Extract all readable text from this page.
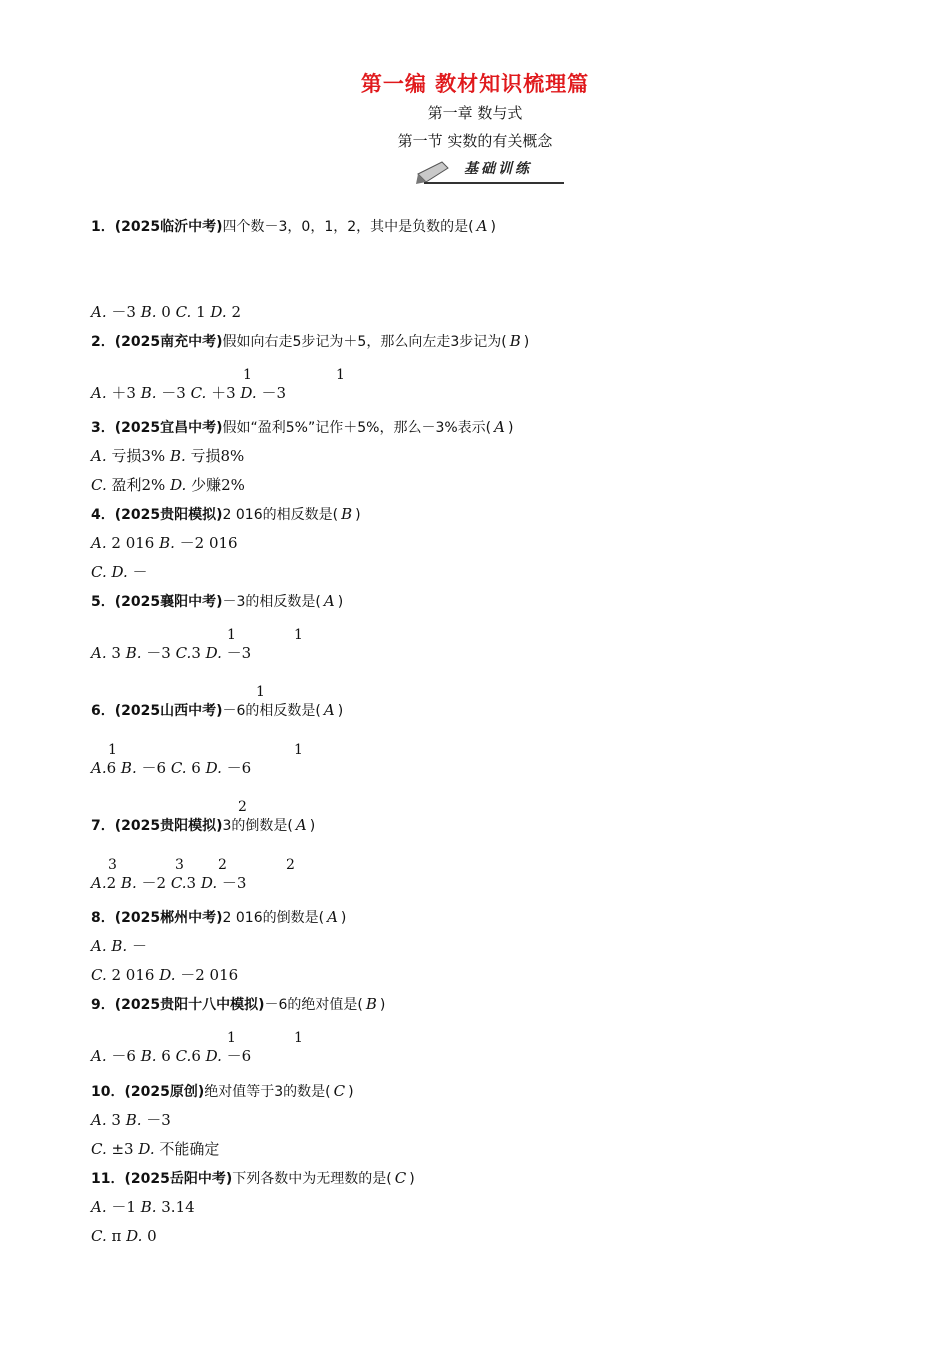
第一编 教材知识梳理篇
第一章 数与式
第一节 实数的有关概念
基础训练
1．(2025临沂中考)四个数－3，0，1，2，其中是负数的是( A )
A. －3 B. 0 C. 1 D. 2
2．(2025南充中考)假如向右走5步记为＋5，那么向左走3步记为( B )
1	1
A. ＋3 B. －3 C. ＋3 D. －3
3．(2025宜昌中考)假如“盈利5%”记作＋5%，那么－3%表示( A )
A. 亏损3% B. 亏损8%
C. 盈利2% D. 少赚2%
4．(2025贵阳模拟)2 016的相反数是( B )
A. 2 016 B. －2 016
C. D. －
5．(2025襄阳中考)－3的相反数是( A )
1	1
A. 3 B. －3 C.3 D. －3
1
6．(2025山西中考)－6的相反数是( A )
1	1
A.6 B. －6 C. 6 D. －6
2
7．(2025贵阳模拟)3的倒数是( A )
3	3 2	2
A.2 B. －2 C.3 D. －3
8．(2025郴州中考)2 016的倒数是( A )
A. B. －
C. 2 016 D. －2 016
9．(2025贵阳十八中模拟)－6的绝对值是( B )
1	1
A. －6 B. 6 C.6 D. －6
10．(2025原创)绝对值等于3的数是( C )
A. 3 B. －3
C. ±3 D. 不能确定
11．(2025岳阳中考)下列各数中为无理数的是( C )
A. －1 B. 3.14
C. π D. 0
